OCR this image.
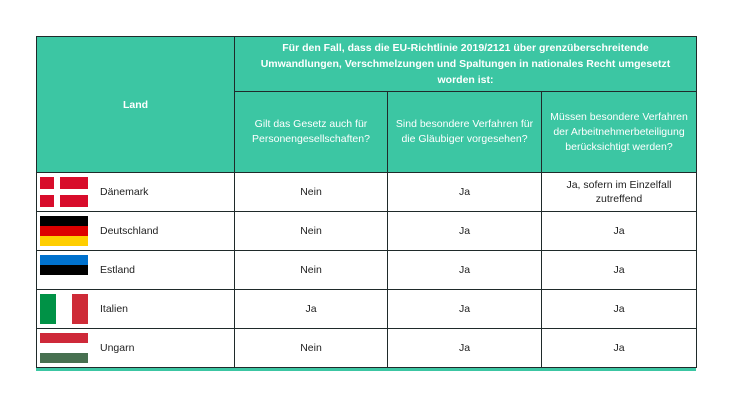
Land	Für den Fall, dass die EU-Richtlinie 2019/2121 über grenzüberschreitende Umwandlungen, Verschmelzungen und Spaltungen in nationales Recht umgesetzt worden ist:		
	Gilt das Gesetz auch für Personengesellschaften?	Sind besondere Verfahren für die Gläubiger vorgesehen?	Müssen besondere Verfahren der Arbeitnehmerbeteiligung berücksichtigt werden?

Dänemark	Nein	Ja	Ja, sofern im Einzelfall zutreffend

Deutschland	Nein	Ja	Ja

Estland	Nein	Ja	Ja

Italien	Ja	Ja	Ja

Ungarn	Nein	Ja	Ja
